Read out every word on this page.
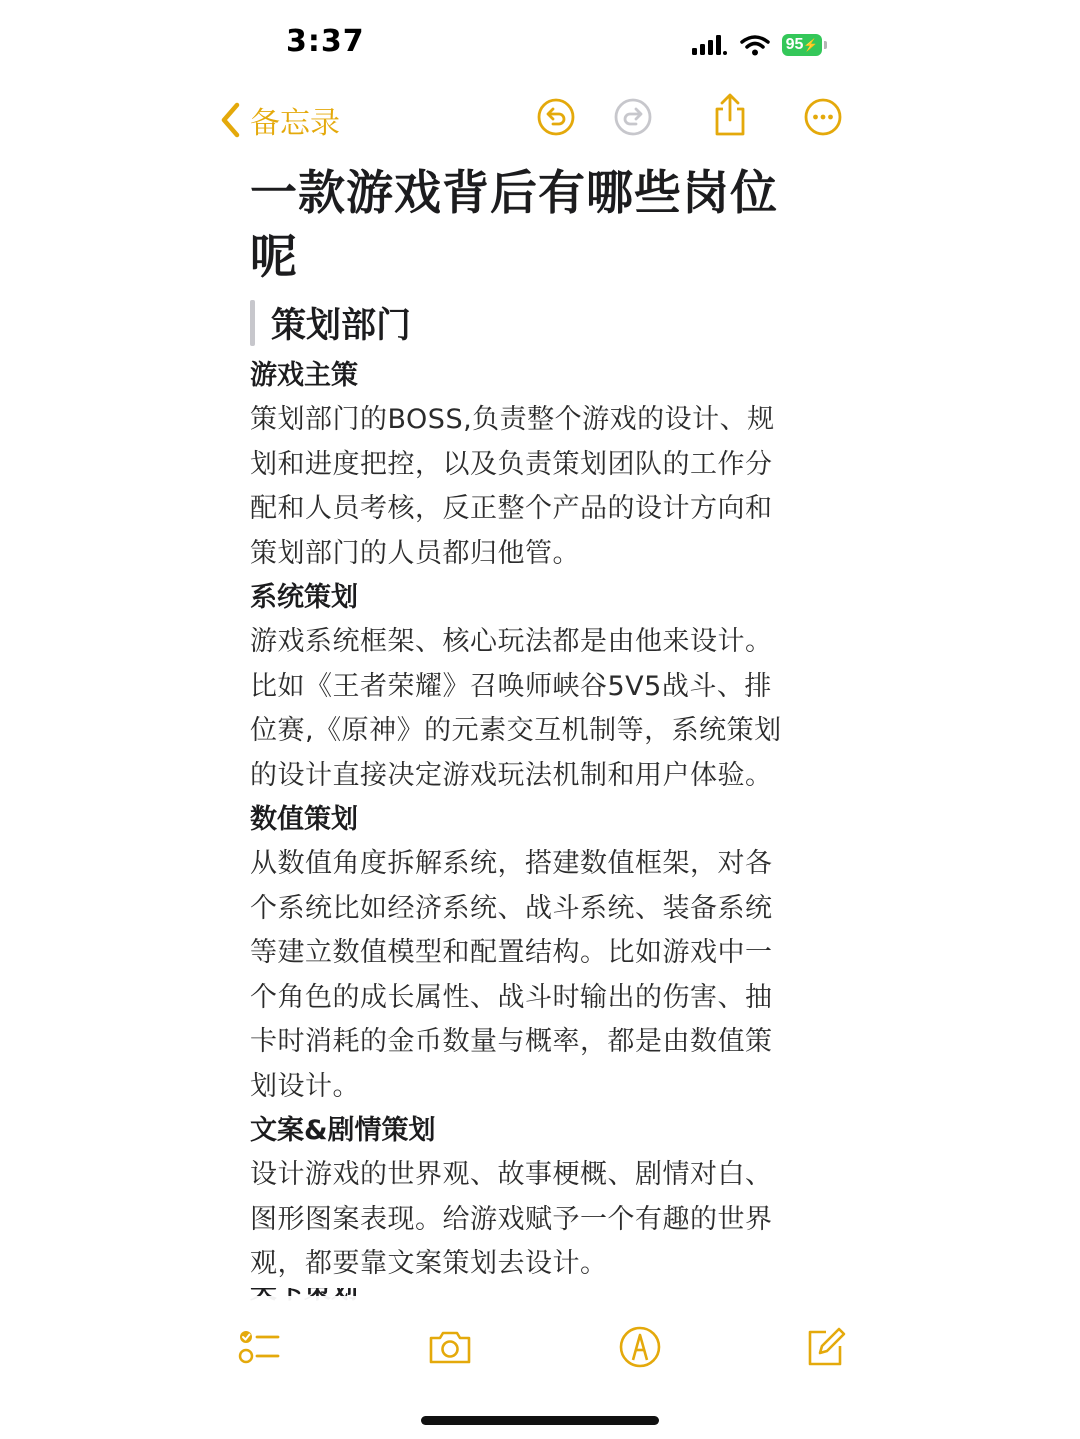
3:37	95 ⚡
备忘录
一款游戏背后有哪些岗位
呢
策划部门
游戏主策
策划部门的BOSS,负责整个游戏的设计、规
划和进度把控，以及负责策划团队的工作分
配和人员考核，反正整个产品的设计方向和
策划部门的人员都归他管。
系统策划
游戏系统框架、核心玩法都是由他来设计。
比如《王者荣耀》召唤师峡谷5V5战斗、排
位赛,《原神》的元素交互机制等，系统策划
的设计直接决定游戏玩法机制和用户体验。
数值策划
从数值角度拆解系统，搭建数值框架，对各
个系统比如经济系统、战斗系统、装备系统
等建立数值模型和配置结构。比如游戏中一
个角色的成长属性、战斗时输出的伤害、抽
卡时消耗的金币数量与概率，都是由数值策
划设计。
文案&剧情策划
设计游戏的世界观、故事梗概、剧情对白、
图形图案表现。给游戏赋予一个有趣的世界
观，都要靠文案策划去设计。
